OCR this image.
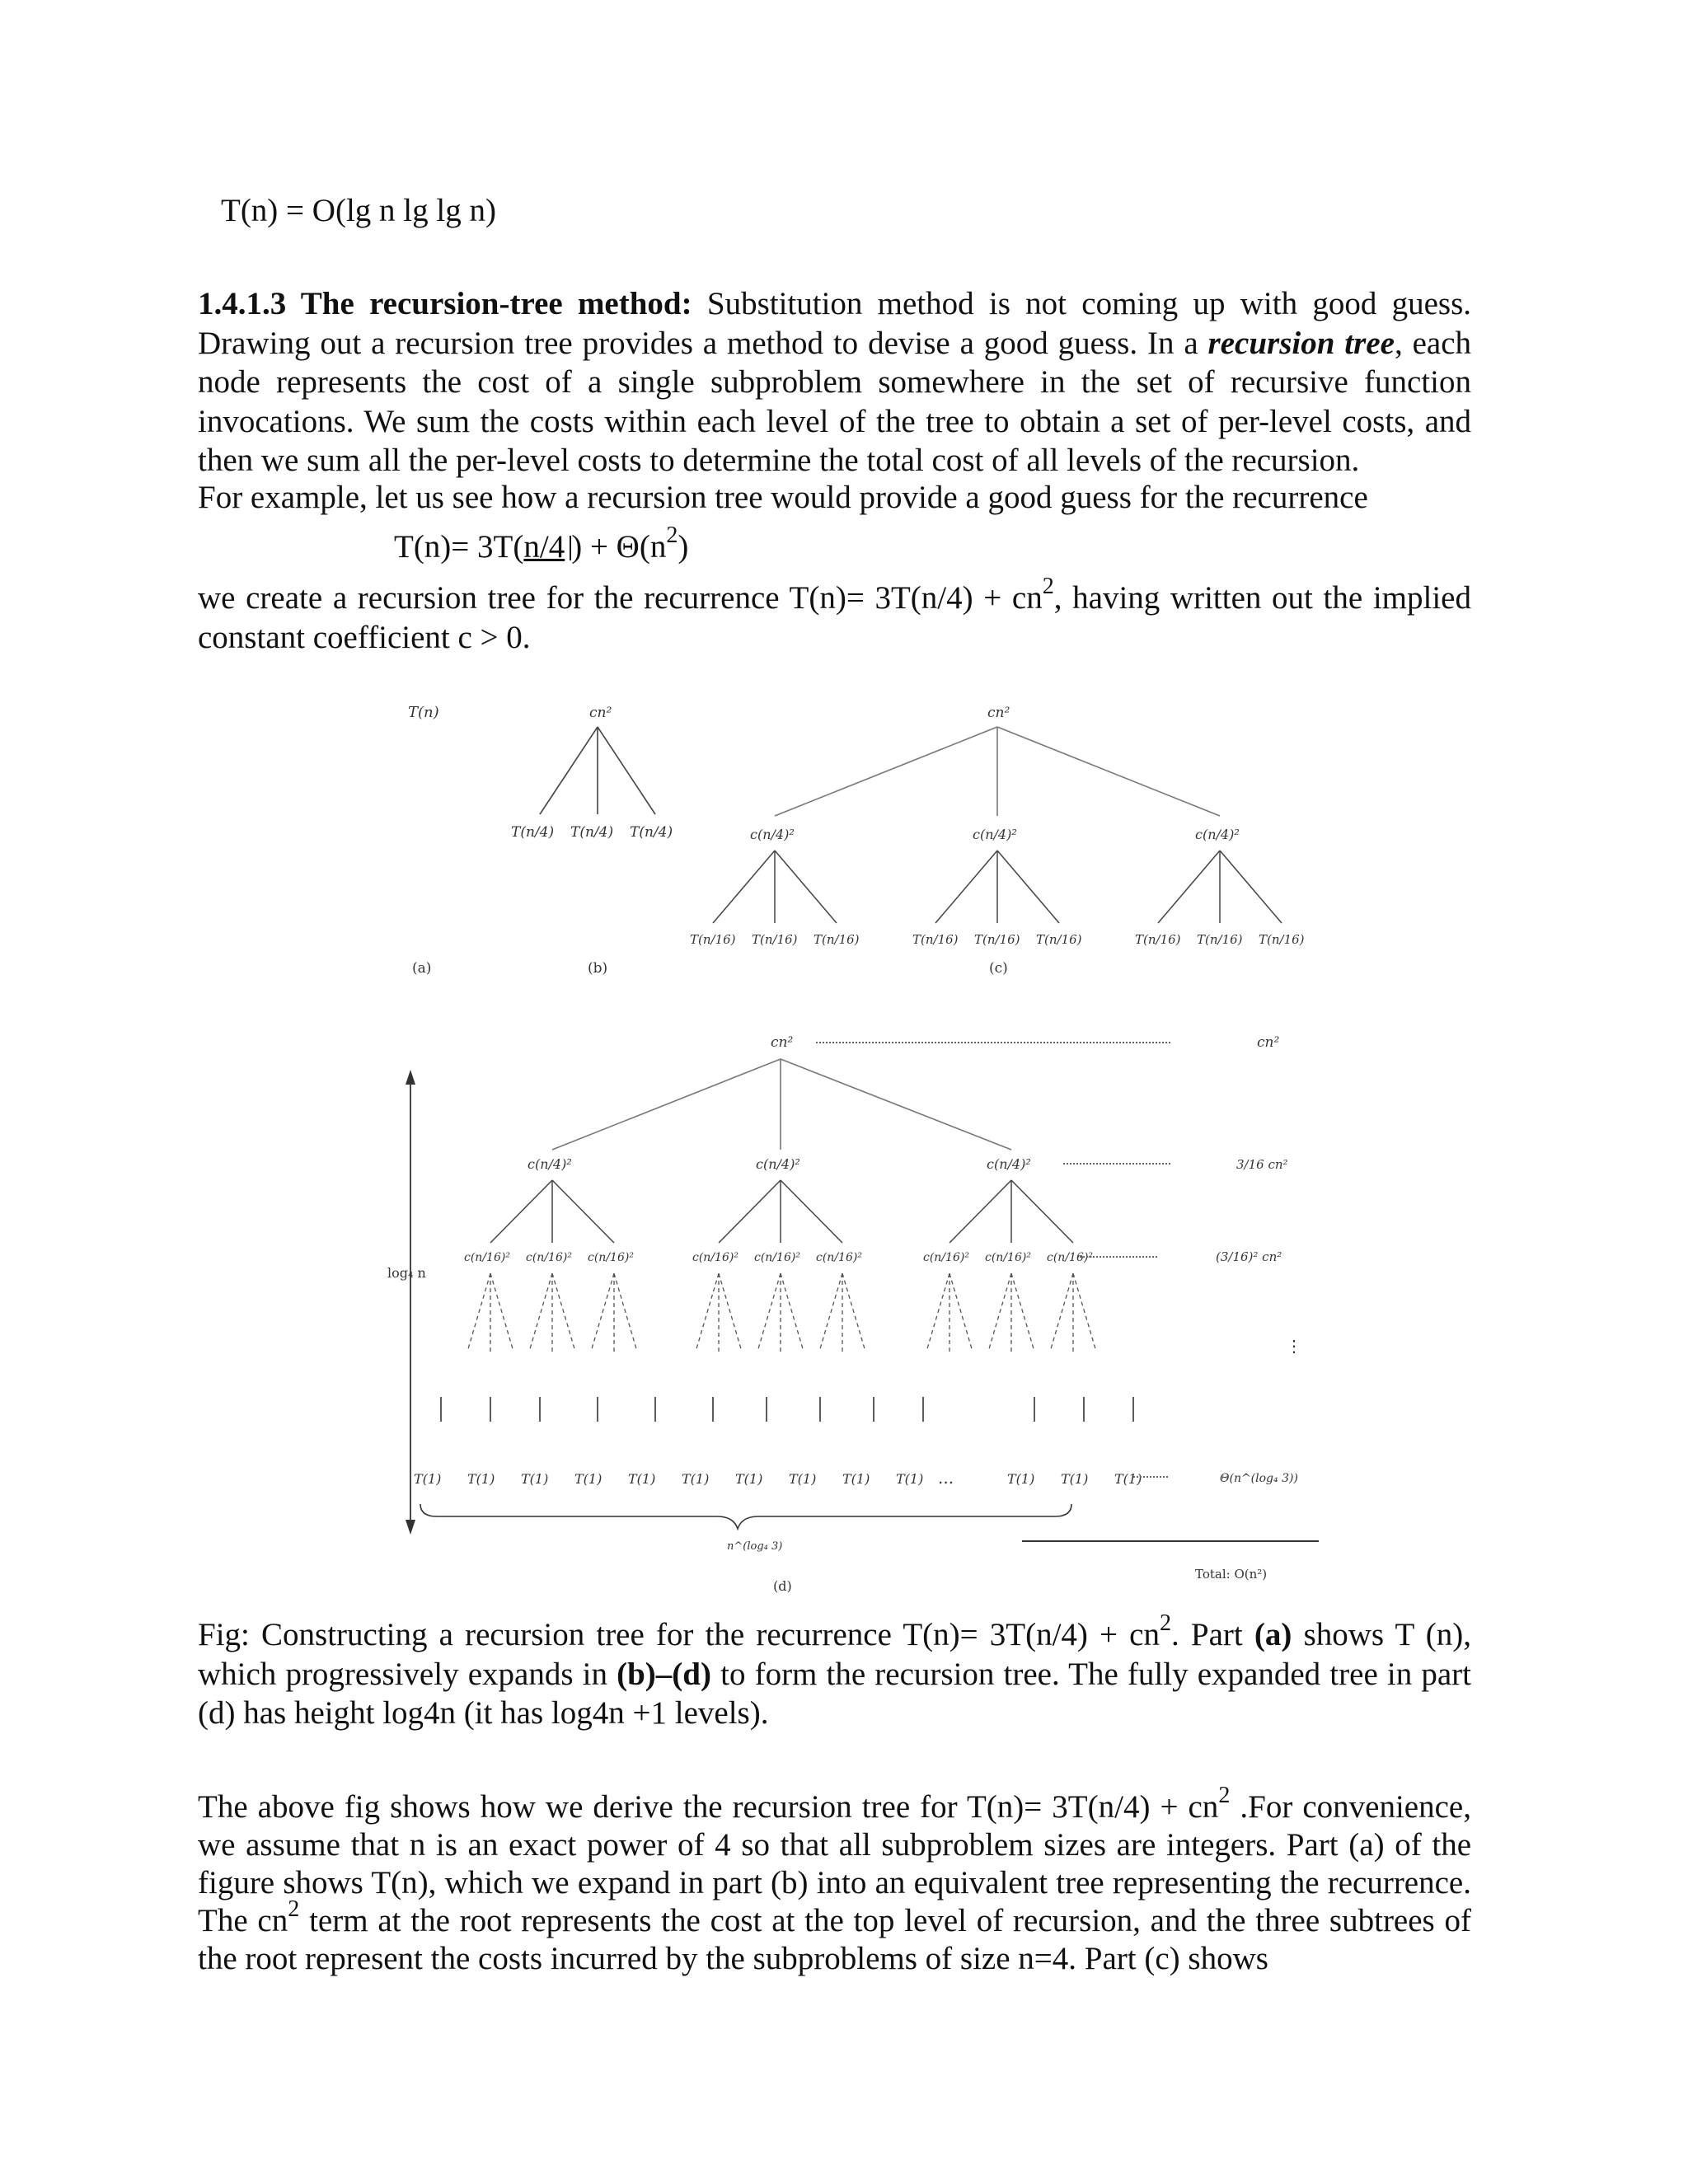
T(n) = O(lg n lg lg n)
1.4.1.3 The recursion-tree method: Substitution method is not coming up with good guess. Drawing out a recursion tree provides a method to devise a good guess. In a recursion tree, each node represents the cost of a single subproblem somewhere in the set of recursive function invocations. We sum the costs within each level of the tree to obtain a set of per-level costs, and then we sum all the per-level costs to determine the total cost of all levels of the recursion.
For example, let us see how a recursion tree would provide a good guess for the recurrence
T(n)= 3T(n/4 ) + $\Theta(n^2)$
we create a recursion tree for the recurrence $T(n)= 3T(n/4) + cn^2$, having written out the implied constant coefficient c > 0.
T(n)
(a)
cn²
T(n/4) T(n/4) T(n/4)
(b)
cn²
c(n/4)²	c(n/4)²	c(n/4)²
T(n/16) T(n/16) T(n/16)	T(n/16) T(n/16) T(n/16)	T(n/16) T(n/16) T(n/16)
(c)
log₄ n
cn²
c(n/4)²	c(n/4)²	c(n/4)²
c(n/16)² c(n/16)² c(n/16)²	c(n/16)² c(n/16)² c(n/16)²	c(n/16)² c(n/16)² c(n/16)²
T(1) T(1) T(1) T(1) T(1) T(1) T(1) T(1) T(1) T(1)	T(1) T(1) T(1)
...
n^(log₄ 3)
(d)
cn²
3/16 cn²
(3/16)² cn²
⋮
Θ(n^(log₄ 3))
Total: O(n²)
Fig: Constructing a recursion tree for the recurrence $T(n)= 3T(n/4) + cn^2$. Part (a) shows T (n), which progressively expands in (b)–(d) to form the recursion tree. The fully expanded tree in part (d) has height log4n (it has log4n +1 levels).
The above fig shows how we derive the recursion tree for $T(n)= 3T(n/4) + cn^2$ .For convenience, we assume that n is an exact power of 4 so that all subproblem sizes are integers. Part (a) of the figure shows T(n), which we expand in part (b) into an equivalent tree representing the recurrence. The $cn^2$ term at the root represents the cost at the top level of recursion, and the three subtrees of the root represent the costs incurred by the subproblems of size n=4. Part (c) shows
